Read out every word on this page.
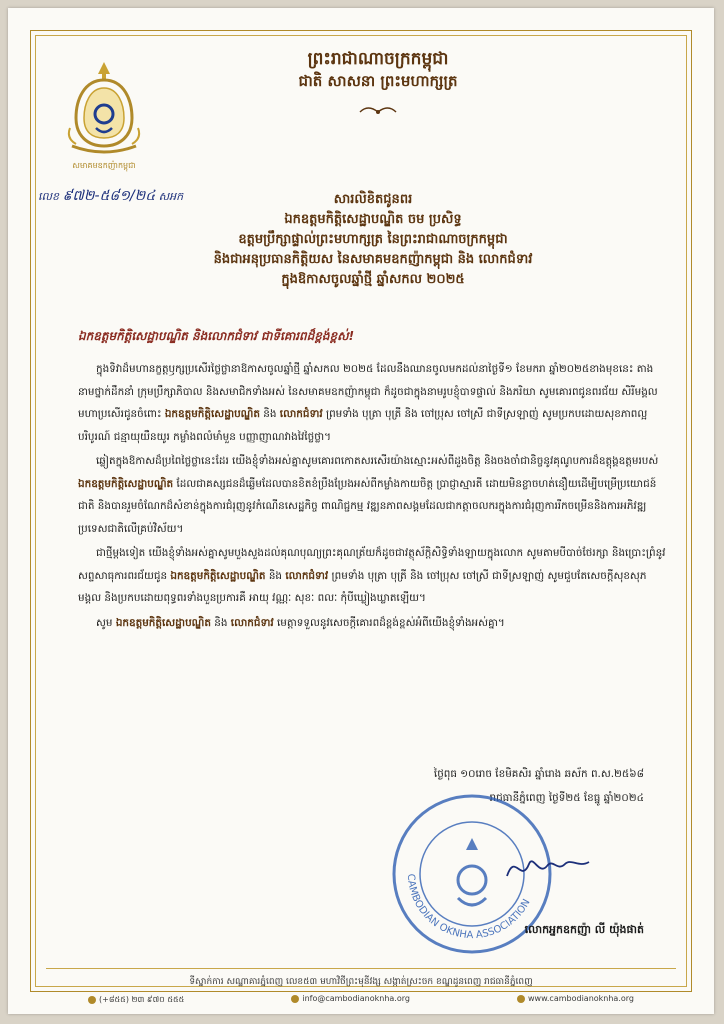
សមាគមឧកញ៉ាកម្ពុជា
លេខ ៩៧២-៥៨១/២៤ សអក
ព្រះរាជាណាចក្រកម្ពុជា
ជាតិ សាសនា ព្រះមហាក្សត្រ
សារលិខិតជូនពរ
ឯកឧត្តមកិត្តិសេដ្ឋាបណ្ឌិត ចម ប្រសិទ្ធ
ឧត្តមប្រឹក្សាផ្ទាល់ព្រះមហាក្សត្រ នៃព្រះរាជាណាចក្រកម្ពុជា
និងជាអនុប្រធានកិត្តិយស នៃសមាគមឧកញ៉ាកម្ពុជា និង លោកជំទាវ
ក្នុងឱកាសចូលឆ្នាំថ្មី ឆ្នាំសកល ២០២៥
ឯកឧត្តមកិត្តិសេដ្ឋាបណ្ឌិត និងលោកជំទាវ ជាទីគោរពដ៏ខ្ពង់ខ្ពស់!

ក្នុងទិវាដ៏មហានក្ខត្តឫក្សប្រសើរថ្លៃថ្លានាឱកាសចូលឆ្នាំថ្មី ឆ្នាំសកល ២០២៥ ដែលនឹងឈានចូលមកដល់នាថ្ងៃទី១ ខែមករា ឆ្នាំ២០២៥ខាងមុខនេះ តាងនាមថ្នាក់ដឹកនាំ ក្រុមប្រឹក្សាភិបាល និងសមាជិកទាំងអស់ នៃសមាគមឧកញ៉ាកម្ពុជា ក៏ដូចជាក្នុងនាមរូបខ្ញុំបាទផ្ទាល់ និងភរិយា សូមគោរពជូនពរជ័យ សិរីមង្គល មហាប្រសើរជូនចំពោះ ឯកឧត្តមកិត្តិសេដ្ឋាបណ្ឌិត និង លោកជំទាវ ព្រមទាំង បុត្រា បុត្រី និង ចៅប្រុស ចៅស្រី ជាទីស្រឡាញ់ សូមប្រកបដោយសុខភាពល្អបរិបូរណ៍ ជន្មាយុយឺនយូរ កម្លាំងពលំមាំមួន បញ្ញាញាណវាងវៃថ្លៃថ្លា។

ឆ្លៀតក្នុងឱកាសដ៏ប្រពៃថ្លៃថ្លានេះដែរ យើងខ្ញុំទាំងអស់គ្នាសូមគោរពកោតសរសើរយ៉ាងស្មោះអស់ពីដួងចិត្ត និងចងចាំជានិច្ចនូវគុណូបការដ៏ឧត្តុង្គឧត្តមរបស់ ឯកឧត្តមកិត្តិសេដ្ឋាបណ្ឌិត ដែលជាគស្សជនដ៏ឆ្លើមដែលបានខិតខំប្រឹងប្រែងអស់ពីកម្លាំងកាយចិត្ត ប្រាជ្ញាស្មារតី ដោយមិនខ្លាចហត់នឿយដើម្បីបម្រើប្រយោជន៍ជាតិ និងបានរួមចំណែកដ៏សំខាន់ក្នុងការជំរុញនូវកំណើនសេដ្ឋកិច្ច ពាណិជ្ជកម្ម វឌ្ឍនភាពសង្គមដែលជាកត្តាចលករក្នុងការជំរុញការរីកចម្រើននិងការអភិវឌ្ឍប្រទេសជាតិលើគ្រប់វិស័យ។

ជាថ្មីម្តងទៀត យើងខ្ញុំទាំងអស់គ្នាសូមបួងសួងដល់គុណបុណ្យព្រះគុណត្រ័យក៏ដូចជាវត្ថុស័ក្តិសិទ្ធិទាំងឡាយក្នុងលោក សូមតាមបីបាច់ថែរក្សា និងប្រោះព្រំនូវសព្ទសាធុការពរជ័យជូន ឯកឧត្តមកិត្តិសេដ្ឋាបណ្ឌិត និង លោកជំទាវ ព្រមទាំង បុត្រា បុត្រី និង ចៅប្រុស ចៅស្រី ជាទីស្រឡាញ់ សូមជួបតែសេចក្តីសុខសុភមង្គល និងប្រកបដោយពុទ្ធពរទាំងបួនប្រការគឺ អាយុ វណ្ណៈ សុខៈ ពលៈ កុំបីឃ្លៀងឃ្លាតឡើយ។

សូម ឯកឧត្តមកិត្តិសេដ្ឋាបណ្ឌិត និង លោកជំទាវ មេត្តាទទួលនូវសេចក្តីគោរពដ៏ខ្ពង់ខ្ពស់អំពីយើងខ្ញុំទាំងអស់គ្នា។

ថ្ងៃពុធ ១០រោច ខែមិគសិរ ឆ្នាំរោង ឆស័ក ព.ស.២៥៦៨
រាជធានីភ្នំពេញ ថ្ងៃទី២៥ ខែធ្នូ ឆ្នាំ២០២៤
CAMBODIAN OKNHA ASSOCIATION
លោកអ្នកឧកញ៉ា លី យ៉ុងផាត់
ទីស្នាក់ការ សណ្ឋាគារភ្នំពេញ លេខ៥៣ មហាវិថីព្រះមុនីវង្ស សង្កាត់ស្រះចក ខណ្ឌដូនពេញ រាជធានីភ្នំពេញ
(+៨៥៥) ២៣ ៩៧០ ៥៥៥	info@cambodianoknha.org	www.cambodianoknha.org
